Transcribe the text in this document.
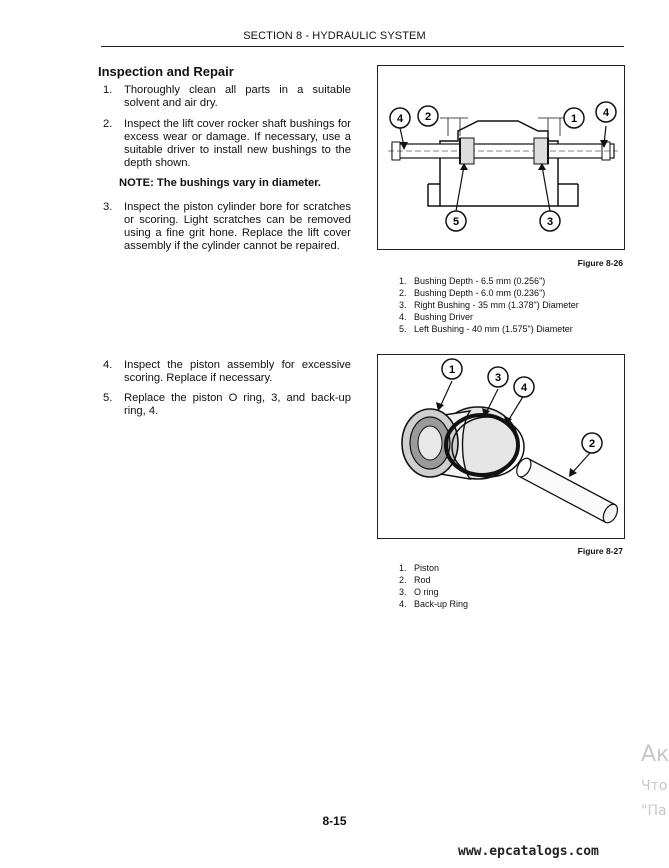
SECTION 8 - HYDRAULIC SYSTEM
Inspection and Repair
1.	Thoroughly clean all parts in a suitable solvent and air dry.
2.	Inspect the lift cover rocker shaft bushings for excess wear or damage. If necessary, use a suitable driver to install new bushings to the depth shown.
NOTE: The bushings vary in diameter.
3.	Inspect the piston cylinder bore for scratches or scoring. Light scratches can be removed using a fine grit hone. Replace the lift cover assembly if the cylinder cannot be repaired.
4.	Inspect the piston assembly for excessive scoring. Replace if necessary.
5.	Replace the piston O ring, 3, and back-up ring, 4.
4 2	1 4
5	3
Figure 8-26
1. Bushing Depth - 6.5 mm (0.256")
2. Bushing Depth - 6.0 mm (0.236")
3. Right Bushing - 35 mm (1.378") Diameter
4. Bushing Driver
5. Left Bushing - 40 mm (1.575") Diameter
1
3
4
2
Figure 8-27
1. Piston
2. Rod
3. O ring
4. Back-up Ring
Ак
Что
"Па
8-15
www.epcatalogs.com
